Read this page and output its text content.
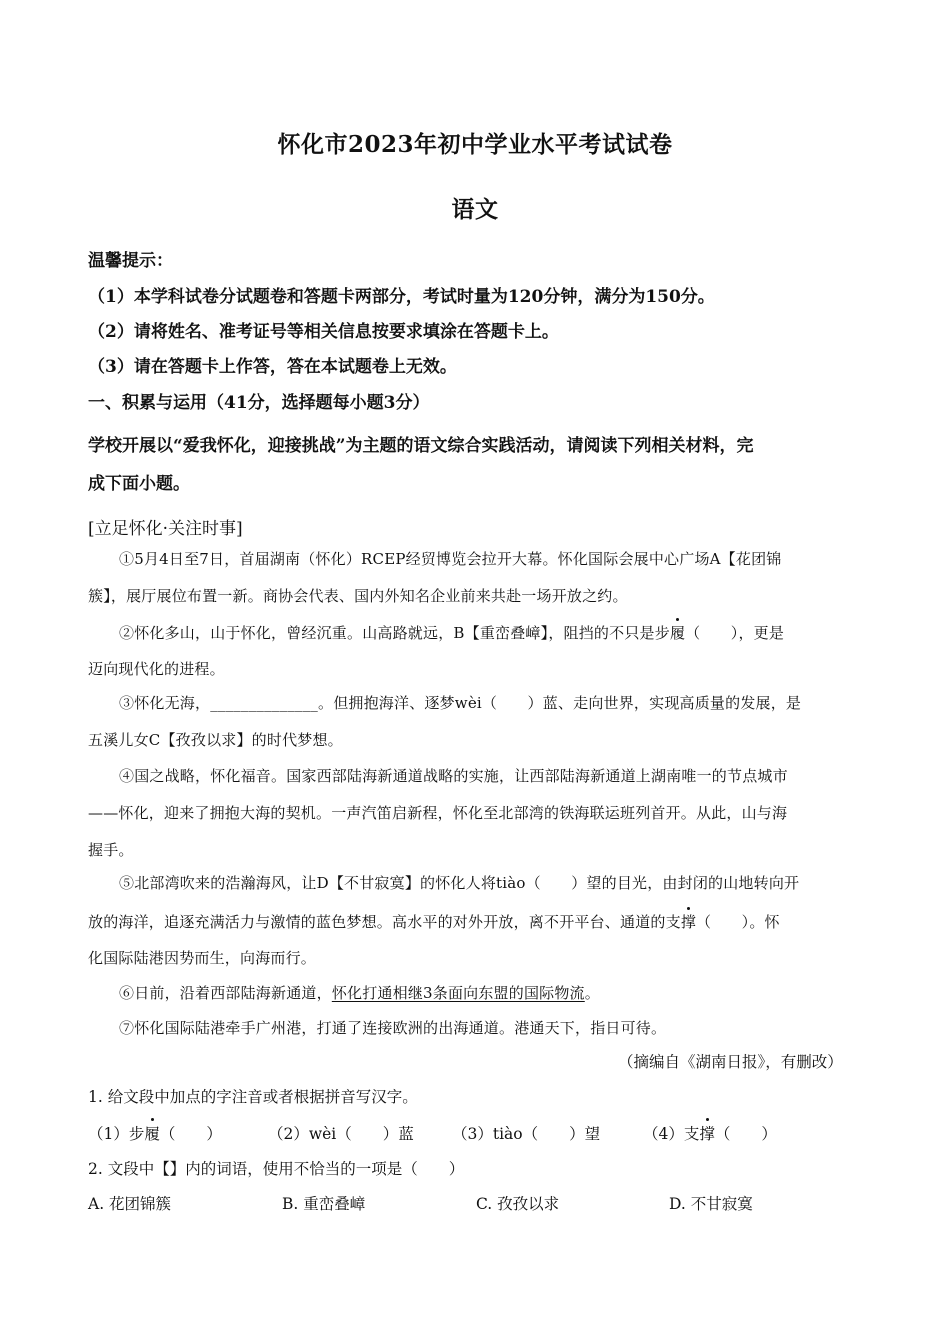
怀化市2023年初中学业水平考试试卷
语文
温馨提示：
（1）本学科试卷分试题卷和答题卡两部分，考试时量为120分钟，满分为150分。
（2）请将姓名、准考证号等相关信息按要求填涂在答题卡上。
（3）请在答题卡上作答，答在本试题卷上无效。
一、积累与运用（41分，选择题每小题3分）
学校开展以“爱我怀化，迎接挑战”为主题的语文综合实践活动，请阅读下列相关材料，完
成下面小题。
[立足怀化·关注时事]
①5月4日至7日，首届湖南（怀化）RCEP经贸博览会拉开大幕。怀化国际会展中心广场A【花团锦
簇】，展厅展位布置一新。商协会代表、国内外知名企业前来共赴一场开放之约。
②怀化多山，山于怀化，曾经沉重。山高路就远，B【重峦叠嶂】，阻挡的不只是步履（　　），更是
迈向现代化的进程。
③怀化无海，______________。但拥抱海洋、逐梦wèi（　　）蓝、走向世界，实现高质量的发展，是
五溪儿女C【孜孜以求】的时代梦想。
④国之战略，怀化福音。国家西部陆海新通道战略的实施，让西部陆海新通道上湖南唯一的节点城市
——怀化，迎来了拥抱大海的契机。一声汽笛启新程，怀化至北部湾的铁海联运班列首开。从此，山与海
握手。
⑤北部湾吹来的浩瀚海风，让D【不甘寂寞】的怀化人将tiào（　　）望的目光，由封闭的山地转向开
放的海洋，追逐充满活力与激情的蓝色梦想。高水平的对外开放，离不开平台、通道的支撑（　　）。怀
化国际陆港因势而生，向海而行。
⑥日前，沿着西部陆海新通道，怀化打通相继3条面向东盟的国际物流。
⑦怀化国际陆港牵手广州港，打通了连接欧洲的出海通道。港通天下，指日可待。
（摘编自《湖南日报》，有删改）
1. 给文段中加点的字注音或者根据拼音写汉字。
（1）步履（　　）	（2）wèi（　　）蓝 （3）tiào（　　）望	（4）支撑（　　）
2. 文段中【】内的词语，使用不恰当的一项是（　　）
A. 花团锦簇	B. 重峦叠嶂	C. 孜孜以求	D. 不甘寂寞
